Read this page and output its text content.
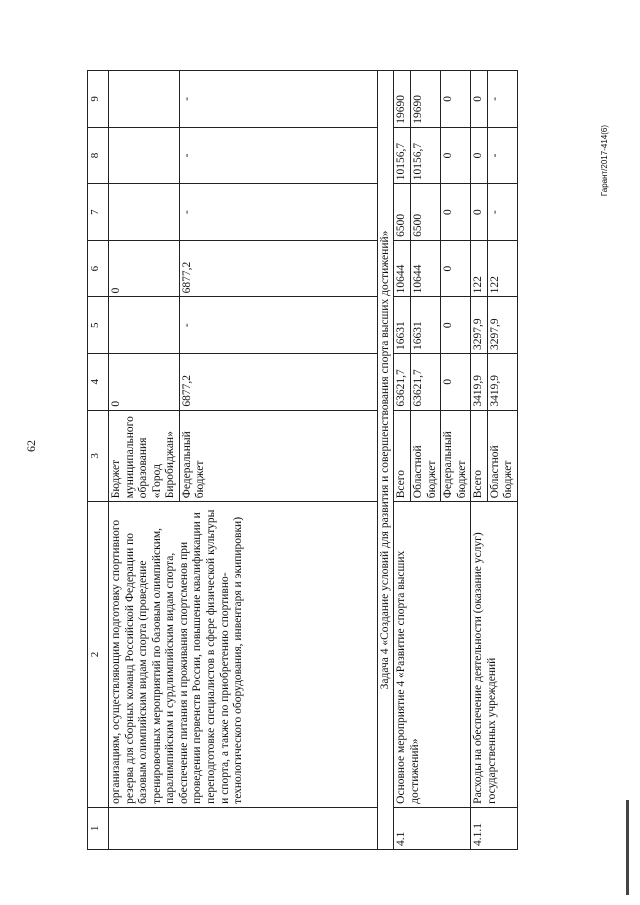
62
Гарант/2017-414(6)
1	2	3	4	5	6	7	8	9
	организациям, осуществляющим подготовку спортивного резерва для сборных команд Российской Федерации по базовым олимпийским видам спорта (проведение тренировочных мероприятий по базовым олимпийским, паралимпийским и сурдлимпийским видам спорта, обеспечение питания и проживания спортсменов при проведении первенств России, повышение квалификации и переподготовке специалистов в сфере физической культуры и спорта, а также по приобретению спортивно-технологического оборудования, инвентаря и экипировки)	Бюджет муниципального образования «Город Биробиджан»	0		0			
		Федеральный бюджет	6877,2	-	6877,2	-	-	-
Задача 4 «Создание условий для развития и совершенствования спорта высших достижений»								
4.1	Основное мероприятие 4 «Развитие спорта высших достижений»	Всего	63621,7	16631	10644	6500	10156,7	19690
		Областной бюджет	63621,7	16631	10644	6500	10156,7	19690
		Федеральный бюджет	0	0	0	0	0	0
4.1.1	Расходы на обеспечение деятельности (оказание услуг) государственных учреждений	Всего	3419,9	3297,9	122	0	0	0
		Областной бюджет	3419,9	3297,9	122	-	-	-
